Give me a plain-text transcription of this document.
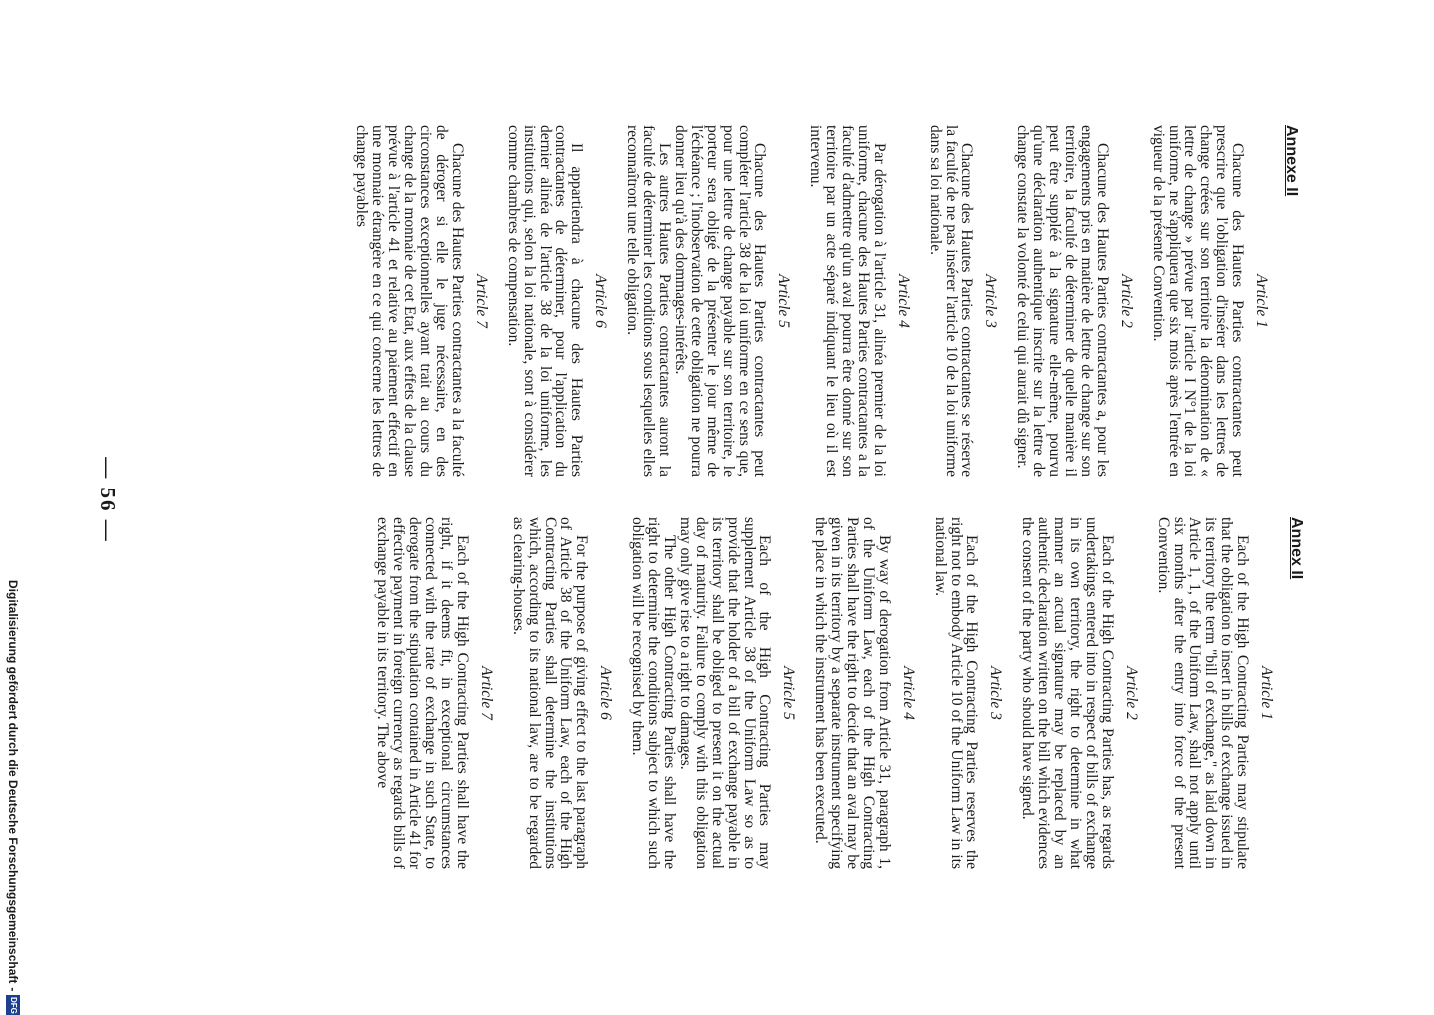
— 56 —
Annexe II
Article 1

Chacune des Hautes Parties contractantes peut prescrire que l'obligation d'insérer dans les lettres de change créées sur son territoire la dénomination de « lettre de change » prévue par l'article I N°1 de la loi uniforme, ne s'appliquera que six mois après l'entrée en vigueur de la présente Convention.

Article 2

Chacune des Hautes Parties contractantes a, pour les engagements pris en matière de lettre de change sur son territoire, la faculté de déterminer de quelle manière il peut être suppléé à la signature elle-même, pourvu qu'une déclaration authentique inscrite sur la lettre de change constate la volonté de celui qui aurait dû signer.

Article 3

Chacune des Hautes Parties contractantes se réserve la faculté de ne pas insérer l'article 10 de la loi uniforme dans sa loi nationale.

Article 4

Par dérogation à l'article 31, alinéa premier de la loi uniforme, chacune des Hautes Parties contractantes a la faculté d'admettre qu'un aval pourra être donné sur son territoire par un acte séparé indiquant le lieu où il est intervenu.

Article 5

Chacune des Hautes Parties contractantes peut compléter l'article 38 de la loi uniforme en ce sens que, pour une lettre de change payable sur son territoire, le porteur sera obligé de la présenter le jour même de l'échéance ; l'inobservation de cette obligation ne pourra donner lieu qu'à des dommages-intérêts.

Les autres Hautes Parties contractantes auront la faculté de déterminer les conditions sous lesquelles elles reconnaîtront une telle obligation.

Article 6

Il appartiendra à chacune des Hautes Parties contractantes de déterminer, pour l'application du dernier alinéa de l'article 38 de la loi uniforme, les institutions qui, selon la loi nationale, sont à considérer comme chambres de compensation.

Article 7

Chacune des Hautes Parties contractantes a la faculté de déroger si elle le juge nécessaire, en des circonstances exceptionnelles ayant trait au cours du change de la monnaie de cet Etat, aux effets de la clause prévue à l'article 41 et relative au paiement effectif en une monnaie étrangère en ce qui concerne les lettres de change payables

Annex II
Article 1

Each of the High Contracting Parties may stipulate that the obligation to insert in bills of exchange issued in its territory the term "bill of exchange," as laid down in Article 1, 1, of the Uniform Law, shall not apply until six months after the entry into force of the present Convention.

Article 2

Each of the High Contracting Parties has, as regards undertakings entered into in respect of bills of exchange in its own territory, the right to determine in what manner an actual signature may be replaced by an authentic declaration written on the bill which evidences the consent of the party who should have signed.

Article 3

Each of the High Contracting Parties reserves the right not to embody Article 10 of the Uniform Law in its national law.

Article 4

By way of derogation from Article 31, paragraph 1, of the Uniform Law, each of the High Contracting Parties shall have the right to decide that an aval may be given in its territory by a separate instrument specifying the place in which the instrument has been executed.

Article 5

Each of the High Contracting Parties may supplement Article 38 of the Uniform Law so as to provide that the holder of a bill of exchange payable in its territory shall be obliged to present it on the actual day of maturity. Failure to comply with this obligation may only give rise to a right to damages.

The other High Contracting Parties shall have the right to determine the conditions subject to which such obligation will be recognised by them.

Article 6

For the purpose of giving effect to the last paragraph of Article 38 of the Uniform Law, each of the High Contracting Parties shall determine the institutions which, according to its national law, are to be regarded as clearing-houses.

Article 7

Each of the High Contracting Parties shall have the right, if it deems fit, in exceptional circumstances connected with the rate of exchange in such State, to derogate from the stipulation contained in Article 41 for effective payment in foreign currency as regards bills of exchange payable in its territory. The above

Digitalisierung gefördert durch die Deutsche Forschungsgemeinschaft
-
DFG
